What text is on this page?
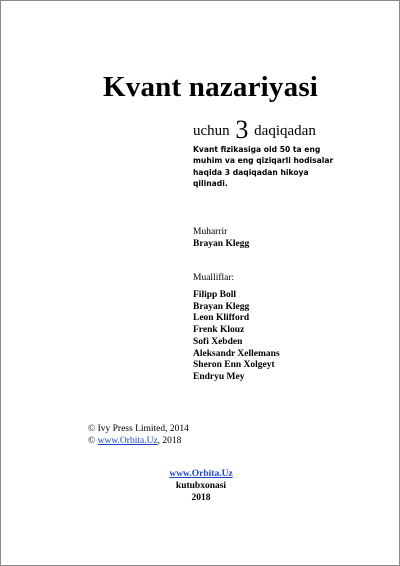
Kvant nazariyasi
uchun 3 daqiqadan
Kvant fizikasiga oid 50 ta eng
muhim va eng qiziqarli hodisalar
haqida 3 daqiqadan hikoya
qilinadi.
Muharrir
Brayan Klegg
Mualliflar:
Filipp Boll
Brayan Klegg
Leon Klifford
Frenk Klouz
Sofi Xebden
Aleksandr Xellemans
Sheron Enn Xolgeyt
Endryu Mey
© Ivy Press Limited, 2014
© www.Orbita.Uz, 2018
www.Orbita.Uz
kutubxonasi
2018
